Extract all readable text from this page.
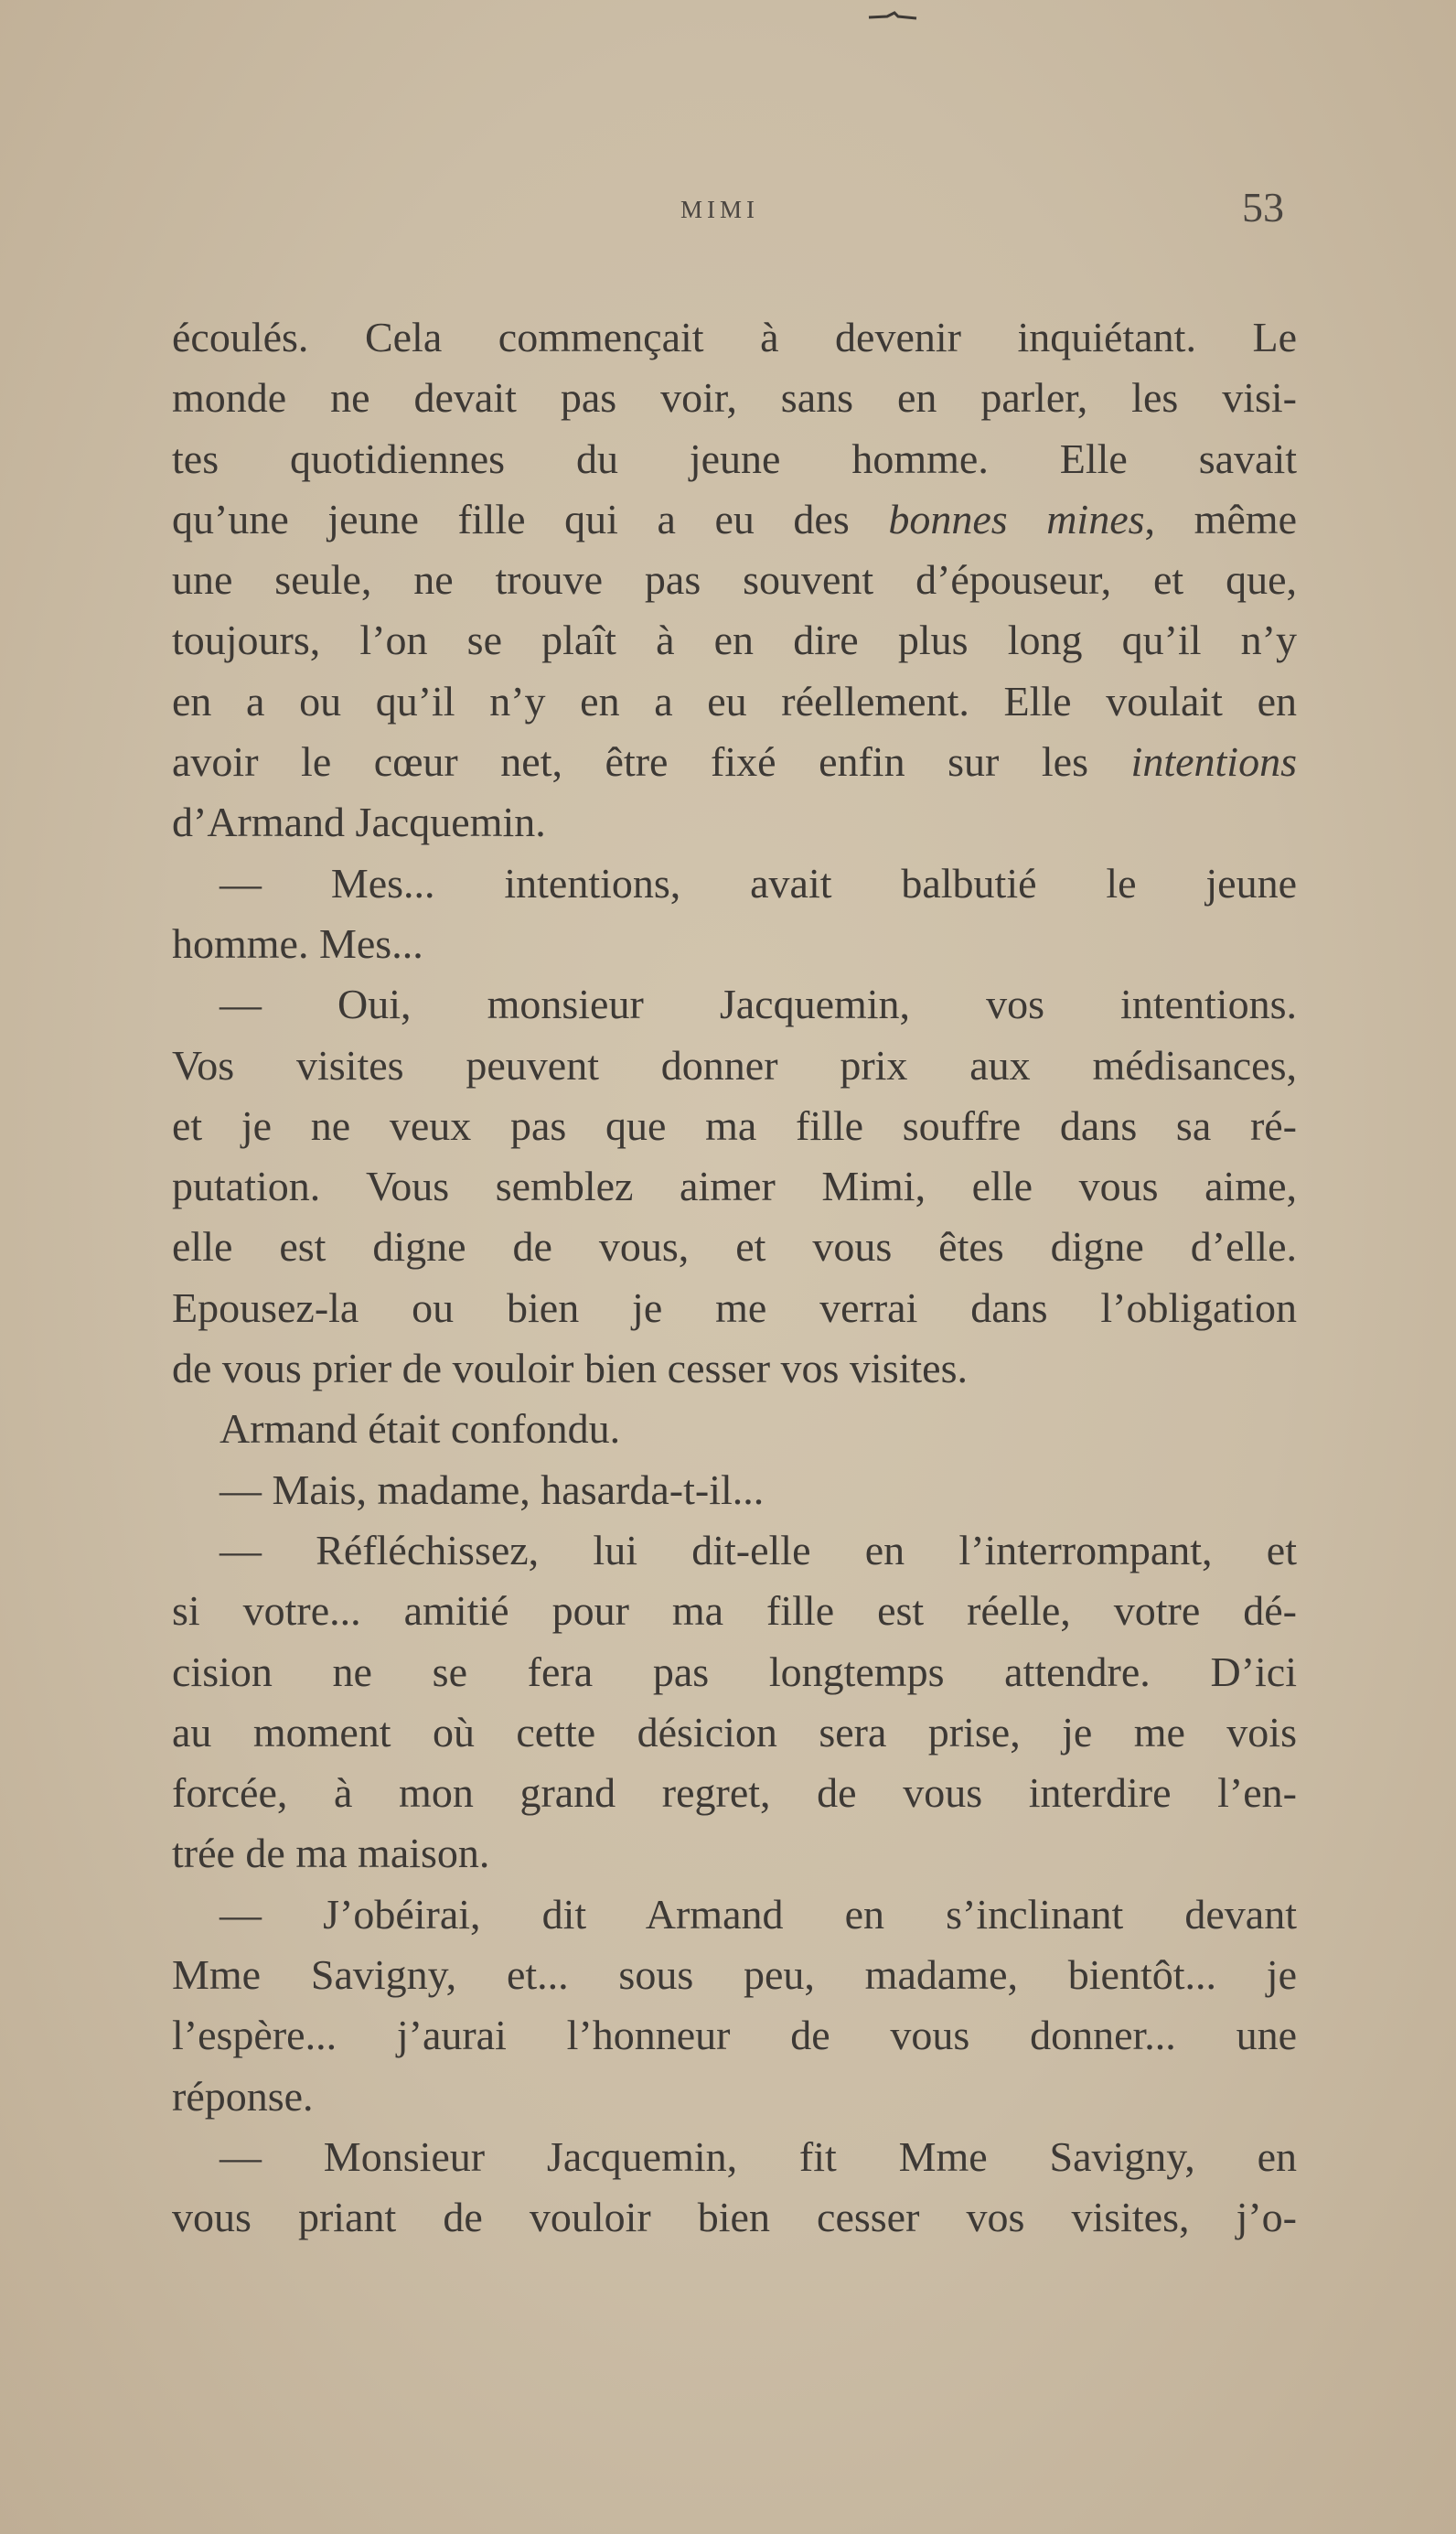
MIMI	53
écoulés. Cela commençait à devenir inquiétant. Le
monde ne devait pas voir, sans en parler, les visi-
tes quotidiennes du jeune homme. Elle savait
qu’une jeune fille qui a eu des bonnes mines, même
une seule, ne trouve pas souvent d’épouseur, et que,
toujours, l’on se plaît à en dire plus long qu’il n’y
en a ou qu’il n’y en a eu réellement. Elle voulait en
avoir le cœur net, être fixé enfin sur les intentions
d’Armand Jacquemin.
— Mes... intentions, avait balbutié le jeune
homme. Mes...
— Oui, monsieur Jacquemin, vos intentions.
Vos visites peuvent donner prix aux médisances,
et je ne veux pas que ma fille souffre dans sa ré-
putation. Vous semblez aimer Mimi, elle vous aime,
elle est digne de vous, et vous êtes digne d’elle.
Epousez-la ou bien je me verrai dans l’obligation
de vous prier de vouloir bien cesser vos visites.
Armand était confondu.
— Mais, madame, hasarda-t-il...
— Réfléchissez, lui dit-elle en l’interrompant, et
si votre... amitié pour ma fille est réelle, votre dé-
cision ne se fera pas longtemps attendre. D’ici
au moment où cette désicion sera prise, je me vois
forcée, à mon grand regret, de vous interdire l’en-
trée de ma maison.
— J’obéirai, dit Armand en s’inclinant devant
Mme Savigny, et... sous peu, madame, bientôt... je
l’espère... j’aurai l’honneur de vous donner... une
réponse.
— Monsieur Jacquemin, fit Mme Savigny, en
vous priant de vouloir bien cesser vos visites, j’o-
